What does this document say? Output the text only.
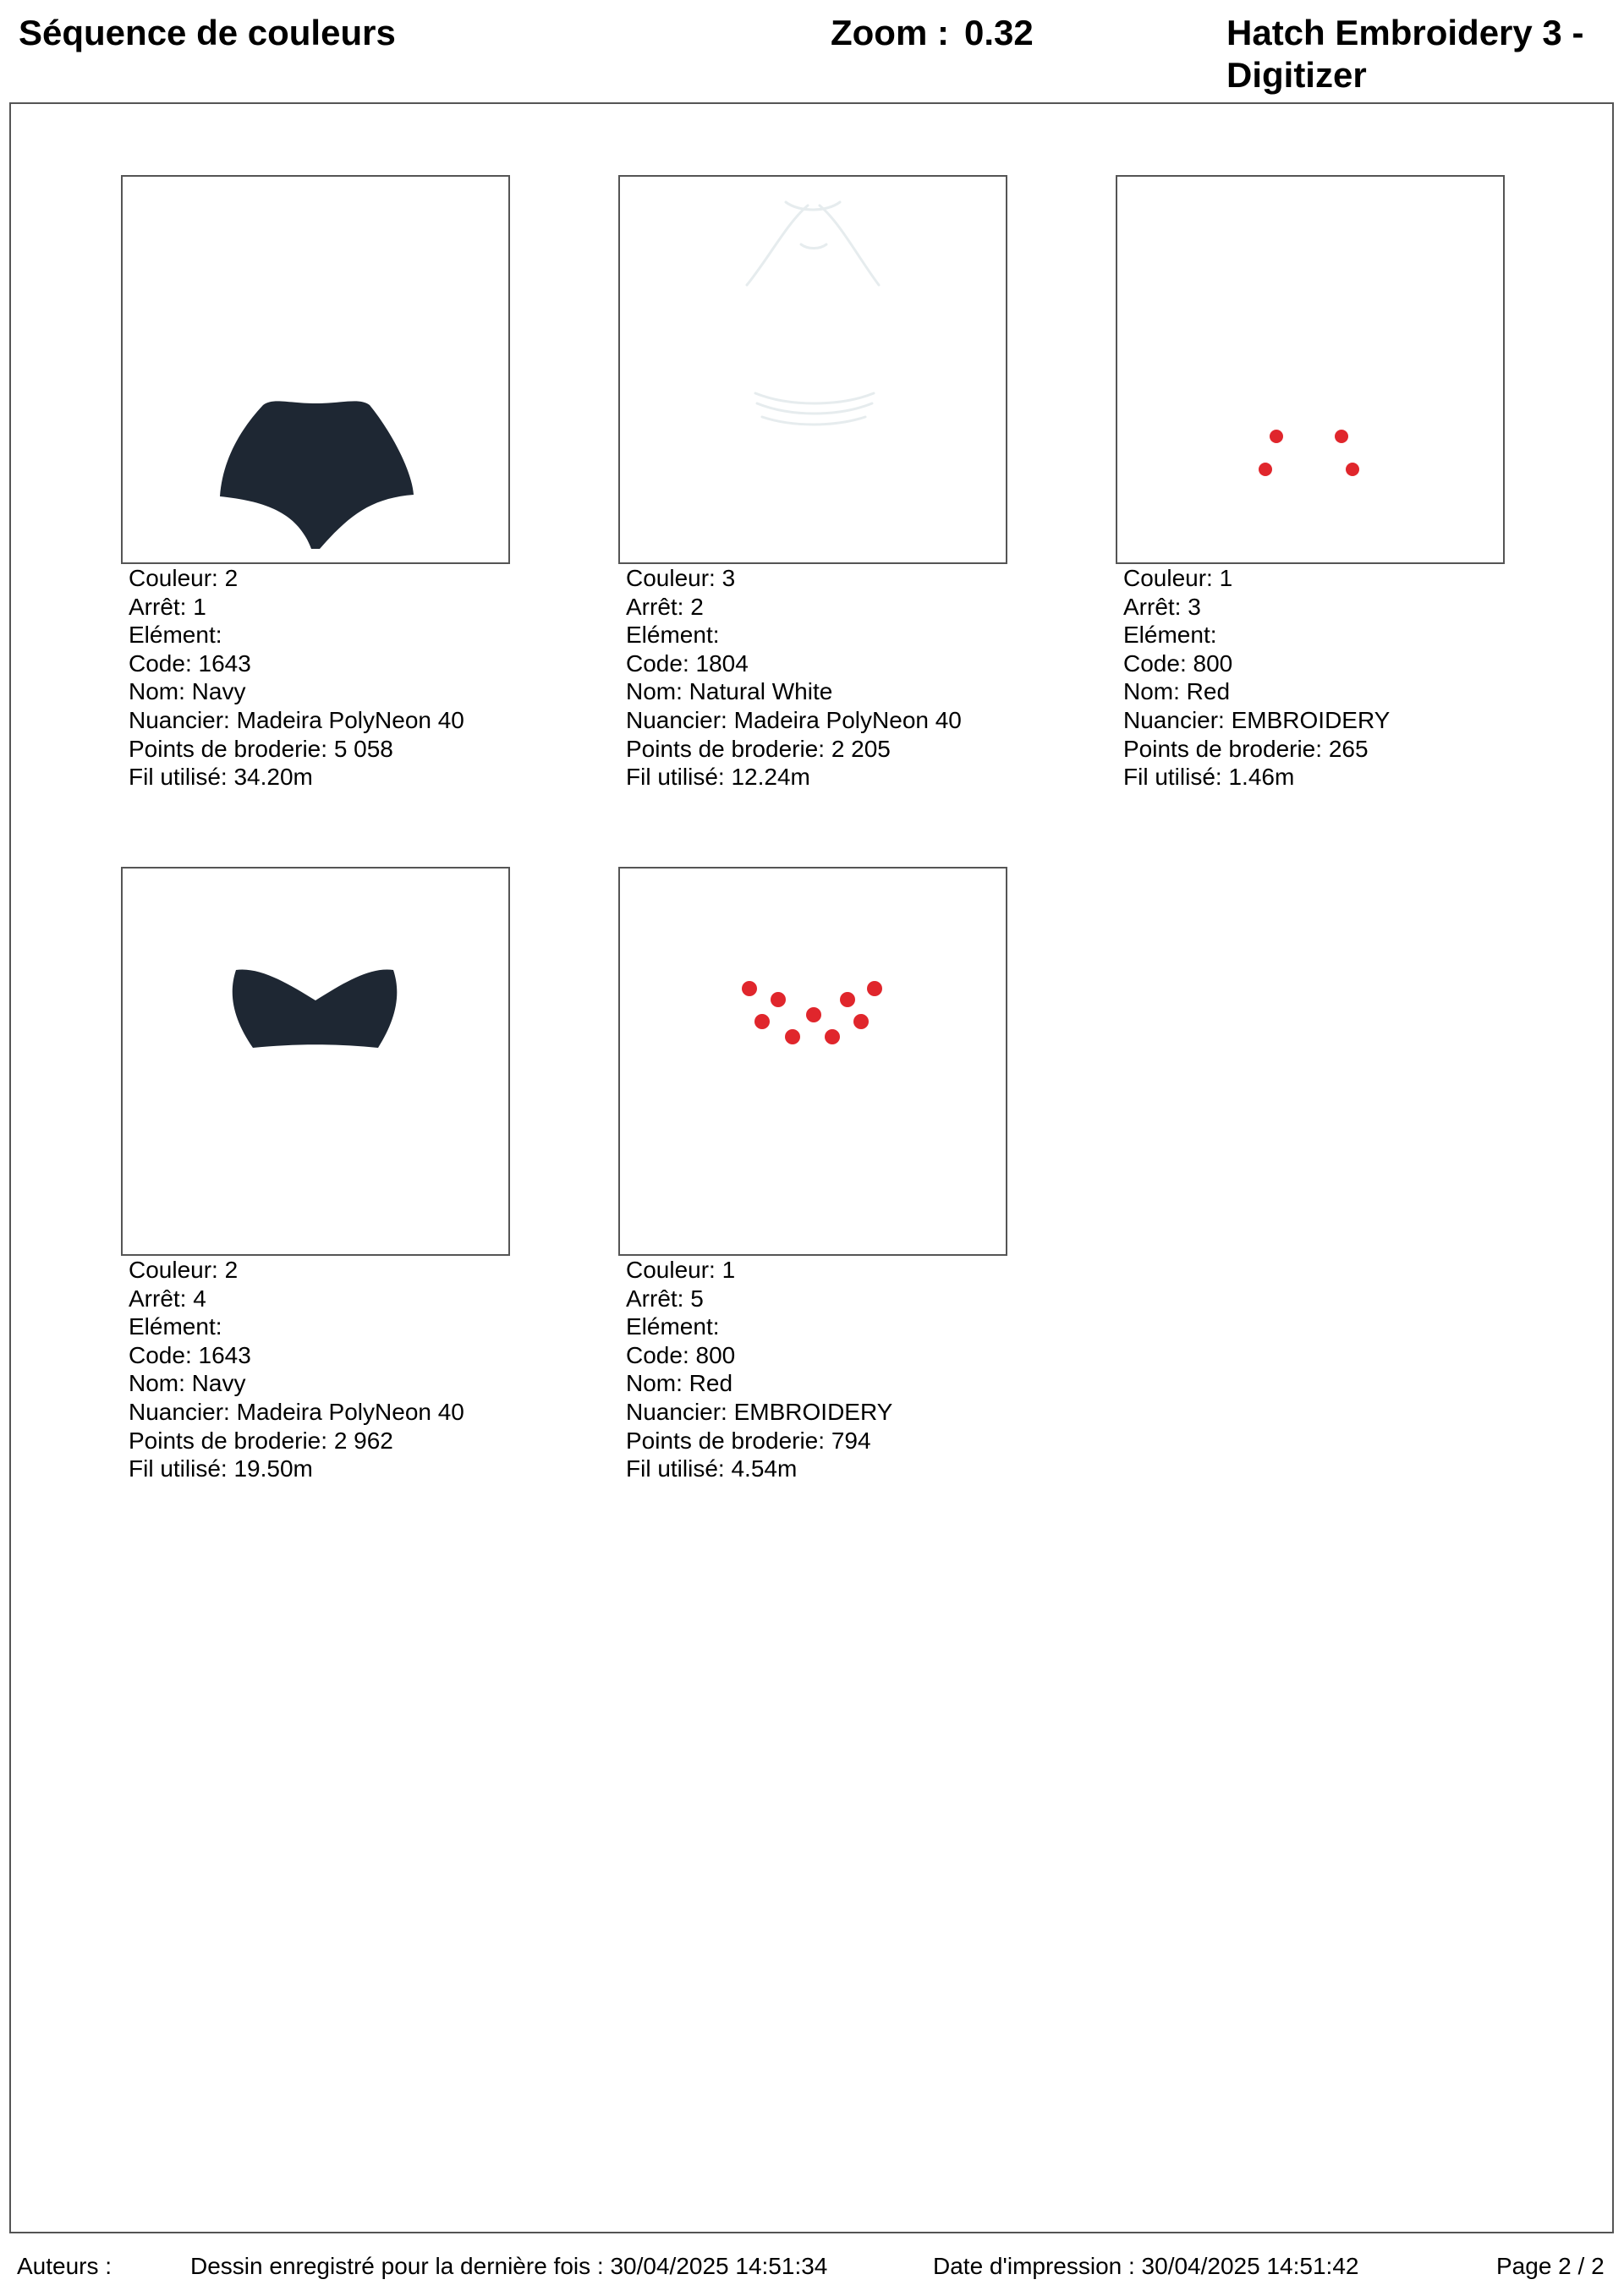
Séquence de couleurs	Zoom : 0.32	Hatch Embroidery 3 -
Digitizer
Couleur: 2
Arrêt: 1
Elément:
Code: 1643
Nom: Navy
Nuancier: Madeira PolyNeon 40
Points de broderie: 5 058
Fil utilisé: 34.20m
Couleur: 3
Arrêt: 2
Elément:
Code: 1804
Nom: Natural White
Nuancier: Madeira PolyNeon 40
Points de broderie: 2 205
Fil utilisé: 12.24m
Couleur: 1
Arrêt: 3
Elément:
Code: 800
Nom: Red
Nuancier: EMBROIDERY
Points de broderie: 265
Fil utilisé: 1.46m
Couleur: 2
Arrêt: 4
Elément:
Code: 1643
Nom: Navy
Nuancier: Madeira PolyNeon 40
Points de broderie: 2 962
Fil utilisé: 19.50m
Couleur: 1
Arrêt: 5
Elément:
Code: 800
Nom: Red
Nuancier: EMBROIDERY
Points de broderie: 794
Fil utilisé: 4.54m
Auteurs :	Dessin enregistré pour la dernière fois : 30/04/2025 14:51:34	Date d'impression : 30/04/2025 14:51:42	Page 2 / 2
